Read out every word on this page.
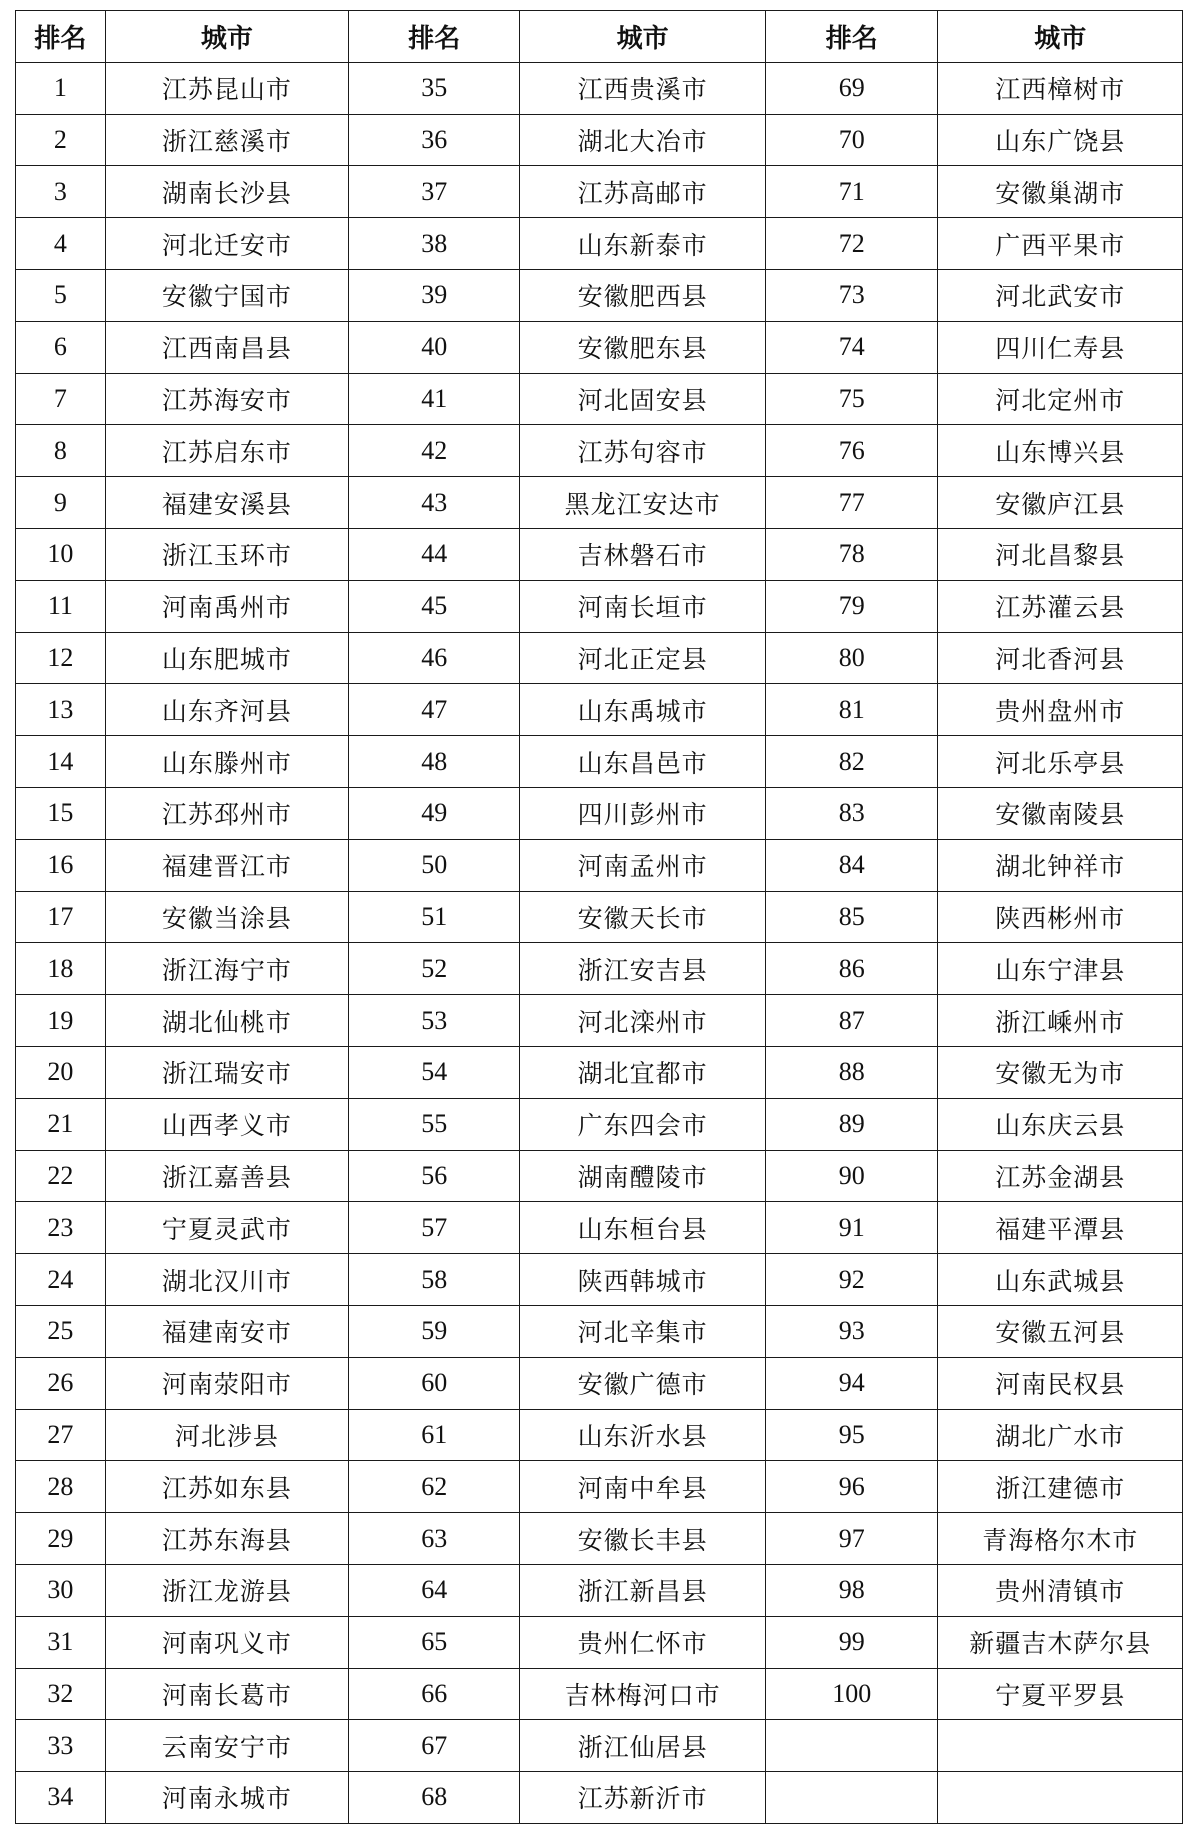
排名	城市	排名	城市	排名	城市
1	江苏昆山市	35	江西贵溪市	69	江西樟树市
2	浙江慈溪市	36	湖北大冶市	70	山东广饶县
3	湖南长沙县	37	江苏高邮市	71	安徽巢湖市
4	河北迁安市	38	山东新泰市	72	广西平果市
5	安徽宁国市	39	安徽肥西县	73	河北武安市
6	江西南昌县	40	安徽肥东县	74	四川仁寿县
7	江苏海安市	41	河北固安县	75	河北定州市
8	江苏启东市	42	江苏句容市	76	山东博兴县
9	福建安溪县	43	黑龙江安达市	77	安徽庐江县
10	浙江玉环市	44	吉林磐石市	78	河北昌黎县
11	河南禹州市	45	河南长垣市	79	江苏灌云县
12	山东肥城市	46	河北正定县	80	河北香河县
13	山东齐河县	47	山东禹城市	81	贵州盘州市
14	山东滕州市	48	山东昌邑市	82	河北乐亭县
15	江苏邳州市	49	四川彭州市	83	安徽南陵县
16	福建晋江市	50	河南孟州市	84	湖北钟祥市
17	安徽当涂县	51	安徽天长市	85	陕西彬州市
18	浙江海宁市	52	浙江安吉县	86	山东宁津县
19	湖北仙桃市	53	河北滦州市	87	浙江嵊州市
20	浙江瑞安市	54	湖北宜都市	88	安徽无为市
21	山西孝义市	55	广东四会市	89	山东庆云县
22	浙江嘉善县	56	湖南醴陵市	90	江苏金湖县
23	宁夏灵武市	57	山东桓台县	91	福建平潭县
24	湖北汉川市	58	陕西韩城市	92	山东武城县
25	福建南安市	59	河北辛集市	93	安徽五河县
26	河南荥阳市	60	安徽广德市	94	河南民权县
27	河北涉县	61	山东沂水县	95	湖北广水市
28	江苏如东县	62	河南中牟县	96	浙江建德市
29	江苏东海县	63	安徽长丰县	97	青海格尔木市
30	浙江龙游县	64	浙江新昌县	98	贵州清镇市
31	河南巩义市	65	贵州仁怀市	99	新疆吉木萨尔县
32	河南长葛市	66	吉林梅河口市	100	宁夏平罗县
33	云南安宁市	67	浙江仙居县		
34	河南永城市	68	江苏新沂市		
